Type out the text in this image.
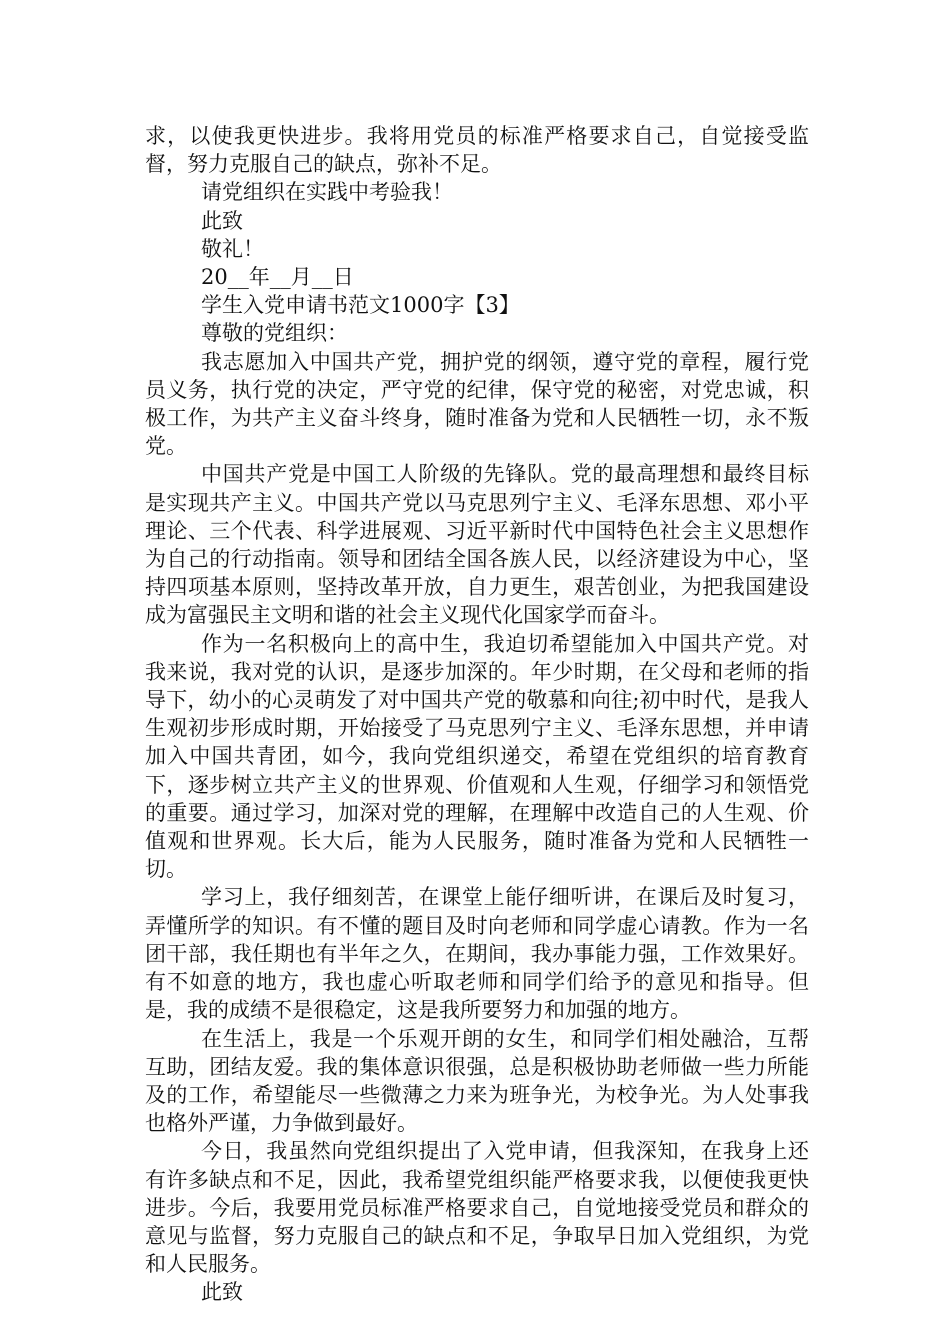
求，以使我更快进步。我将用党员的标准严格要求自己，自觉接受监督，努力克服自己的缺点，弥补不足。

请党组织在实践中考验我！

此致

敬礼！

20__年__月__日

学生入党申请书范文1000字【3】

尊敬的党组织：

我志愿加入中国共产党，拥护党的纲领，遵守党的章程，履行党员义务，执行党的决定，严守党的纪律，保守党的秘密，对党忠诚，积极工作，为共产主义奋斗终身，随时准备为党和人民牺牲一切，永不叛党。

中国共产党是中国工人阶级的先锋队。党的最高理想和最终目标是实现共产主义。中国共产党以马克思列宁主义、毛泽东思想、邓小平理论、三个代表、科学进展观、习近平新时代中国特色社会主义思想作为自己的行动指南。领导和团结全国各族人民，以经济建设为中心，坚持四项基本原则，坚持改革开放，自力更生，艰苦创业，为把我国建设成为富强民主文明和谐的社会主义现代化国家学而奋斗。

作为一名积极向上的高中生，我迫切希望能加入中国共产党。对我来说，我对党的认识，是逐步加深的。年少时期，在父母和老师的指导下，幼小的心灵萌发了对中国共产党的敬慕和向往;初中时代，是我人生观初步形成时期，开始接受了马克思列宁主义、毛泽东思想，并申请加入中国共青团，如今，我向党组织递交，希望在党组织的培育教育下，逐步树立共产主义的世界观、价值观和人生观，仔细学习和领悟党的重要。通过学习，加深对党的理解，在理解中改造自己的人生观、价值观和世界观。长大后，能为人民服务，随时准备为党和人民牺牲一切。

学习上，我仔细刻苦，在课堂上能仔细听讲，在课后及时复习，弄懂所学的知识。有不懂的题目及时向老师和同学虚心请教。作为一名团干部，我任期也有半年之久，在期间，我办事能力强，工作效果好。有不如意的地方，我也虚心听取老师和同学们给予的意见和指导。但是，我的成绩不是很稳定，这是我所要努力和加强的地方。

在生活上，我是一个乐观开朗的女生，和同学们相处融洽，互帮互助，团结友爱。我的集体意识很强，总是积极协助老师做一些力所能及的工作，希望能尽一些微薄之力来为班争光，为校争光。为人处事我也格外严谨，力争做到最好。

今日，我虽然向党组织提出了入党申请，但我深知，在我身上还有许多缺点和不足，因此，我希望党组织能严格要求我，以便使我更快进步。今后，我要用党员标准严格要求自己，自觉地接受党员和群众的意见与监督，努力克服自己的缺点和不足，争取早日加入党组织，为党和人民服务。

此致
